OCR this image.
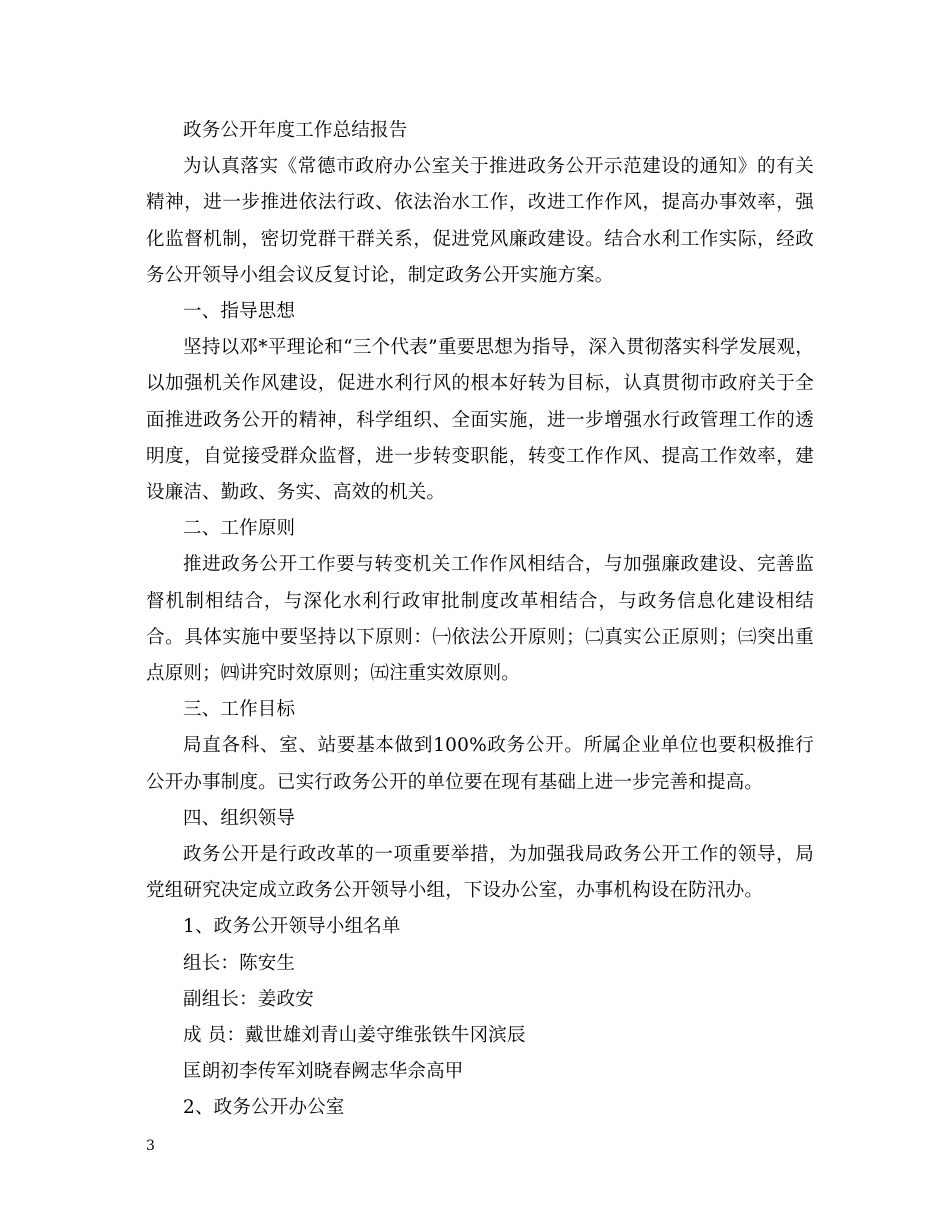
政务公开年度工作总结报告

为认真落实《常德市政府办公室关于推进政务公开示范建设的通知》的有关精神，进一步推进依法行政、依法治水工作，改进工作作风，提高办事效率，强化监督机制，密切党群干群关系，促进党风廉政建设。结合水利工作实际，经政务公开领导小组会议反复讨论，制定政务公开实施方案。

一、指导思想

坚持以邓*平理论和“三个代表”重要思想为指导，深入贯彻落实科学发展观，以加强机关作风建设，促进水利行风的根本好转为目标，认真贯彻市政府关于全面推进政务公开的精神，科学组织、全面实施，进一步增强水行政管理工作的透明度，自觉接受群众监督，进一步转变职能，转变工作作风、提高工作效率，建设廉洁、勤政、务实、高效的机关。

二、工作原则

推进政务公开工作要与转变机关工作作风相结合，与加强廉政建设、完善监督机制相结合，与深化水利行政审批制度改革相结合，与政务信息化建设相结合。具体实施中要坚持以下原则：㈠依法公开原则；㈡真实公正原则；㈢突出重点原则；㈣讲究时效原则；㈤注重实效原则。

三、工作目标

局直各科、室、站要基本做到100%政务公开。所属企业单位也要积极推行公开办事制度。已实行政务公开的单位要在现有基础上进一步完善和提高。

四、组织领导

政务公开是行政改革的一项重要举措，为加强我局政务公开工作的领导，局党组研究决定成立政务公开领导小组，下设办公室，办事机构设在防汛办。

1、政务公开领导小组名单

组长：陈安生

副组长：姜政安

成 员：戴世雄刘青山姜守维张铁牛冈滨辰

匡朗初李传军刘晓春阙志华佘高甲

2、政务公开办公室

3
